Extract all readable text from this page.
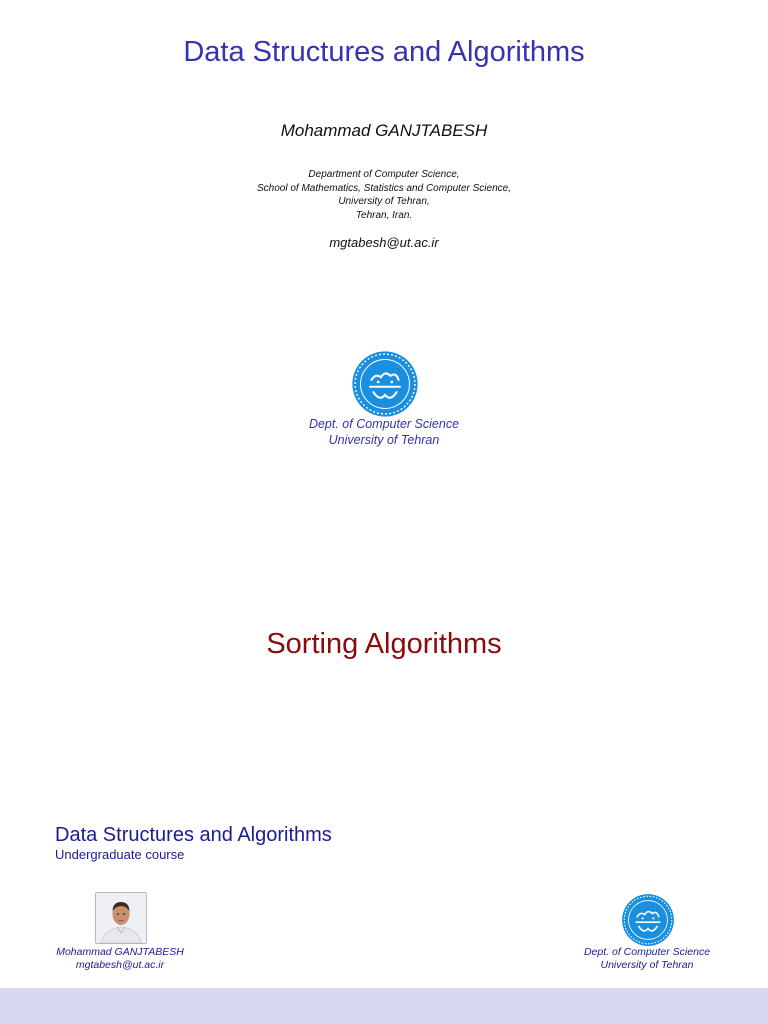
Data Structures and Algorithms
Mohammad GANJTABESH
Department of Computer Science,
School of Mathematics, Statistics and Computer Science,
University of Tehran,
Tehran, Iran.
mgtabesh@ut.ac.ir
Dept. of Computer Science
University of Tehran
Sorting Algorithms
Data Structures and Algorithms
Undergraduate course
Mohammad GANJTABESH
mgtabesh@ut.ac.ir
Dept. of Computer Science
University of Tehran
